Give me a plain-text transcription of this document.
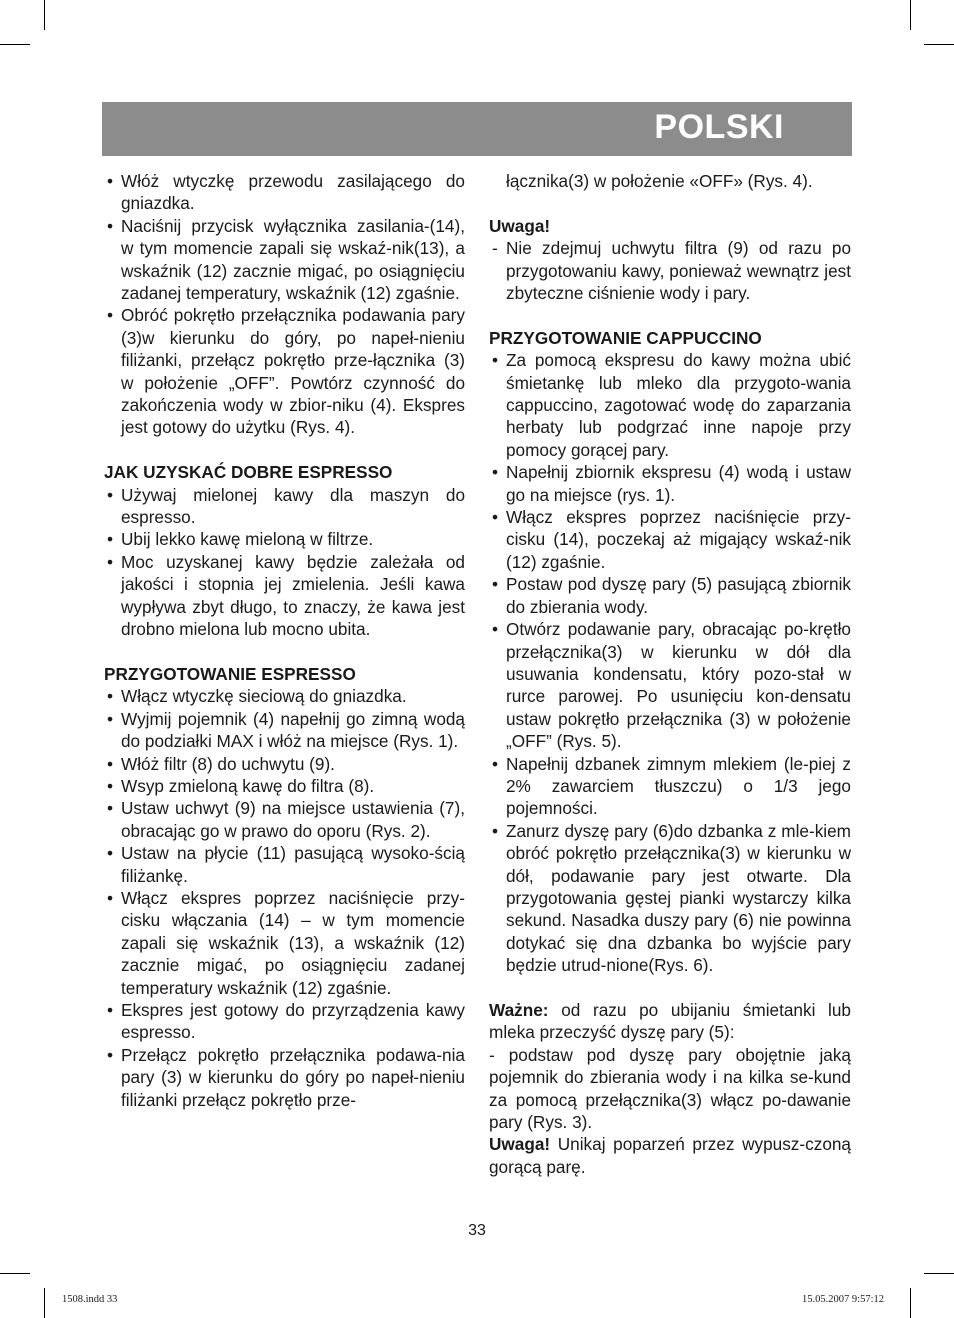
POLSKI
• Włóż wtyczkę przewodu zasilającego do gniazdka.
• Naciśnij przycisk wyłącznika zasilania-(14), w tym momencie zapali się wskaź-nik(13), a wskaźnik (12) zacznie migać, po osiągnięciu zadanej temperatury, wskaźnik (12) zgaśnie.
• Obróć pokrętło przełącznika podawania pary (3)w kierunku do góry, po napeł-nieniu filiżanki, przełącz pokrętło prze-łącznika (3) w położenie „OFF”. Powtórz czynność do zakończenia wody w zbior-niku (4). Ekspres jest gotowy do użytku (Rys. 4).
JAK UZYSKAĆ DOBRE ESPRESSO
• Używaj mielonej kawy dla maszyn do espresso.
• Ubij lekko kawę mieloną w filtrze.
• Moc uzyskanej kawy będzie zależała od jakości i stopnia jej zmielenia. Jeśli kawa wypływa zbyt długo, to znaczy, że kawa jest drobno mielona lub mocno ubita.
PRZYGOTOWANIE ESPRESSO
• Włącz wtyczkę sieciową do gniazdka.
• Wyjmij pojemnik (4) napełnij go zimną wodą do podziałki MAX i włóż na miejsce (Rys. 1).
• Włóż filtr (8) do uchwytu (9).
• Wsyp zmieloną kawę do filtra (8).
• Ustaw uchwyt (9) na miejsce ustawienia (7), obracając go w prawo do oporu (Rys. 2).
• Ustaw na płycie (11) pasującą wysoko-ścią filiżankę.
• Włącz ekspres poprzez naciśnięcie przy-cisku włączania (14) – w tym momencie zapali się wskaźnik (13), a wskaźnik (12) zacznie migać, po osiągnięciu zadanej temperatury wskaźnik (12) zgaśnie.
• Ekspres jest gotowy do przyrządzenia kawy espresso.
• Przełącz pokrętło przełącznika podawa-nia pary (3) w kierunku do góry po napeł-nieniu filiżanki przełącz pokrętło prze-
łącznika(3) w położenie «OFF» (Rys. 4).
Uwaga!
- Nie zdejmuj uchwytu filtra (9) od razu po przygotowaniu kawy, ponieważ wewnątrz jest zbyteczne ciśnienie wody i pary.
PRZYGOTOWANIE CAPPUCCINO
• Za pomocą ekspresu do kawy można ubić śmietankę lub mleko dla przygoto-wania cappuccino, zagotować wodę do zaparzania herbaty lub podgrzać inne napoje przy pomocy gorącej pary.
• Napełnij zbiornik ekspresu (4) wodą i ustaw go na miejsce (rys. 1).
• Włącz ekspres poprzez naciśnięcie przy-cisku (14), poczekaj aż migający wskaź-nik (12) zgaśnie.
• Postaw pod dyszę pary (5) pasującą zbiornik do zbierania wody.
• Otwórz podawanie pary, obracając po-krętło przełącznika(3) w kierunku w dół dla usuwania kondensatu, który pozo-stał w rurce parowej. Po usunięciu kon-densatu ustaw pokrętło przełącznika (3) w położenie „OFF” (Rys. 5).
• Napełnij dzbanek zimnym mlekiem (le-piej z 2% zawarciem tłuszczu) o 1/3 jego pojemności.
• Zanurz dyszę pary (6)do dzbanka z mle-kiem obróć pokrętło przełącznika(3) w kierunku w dół, podawanie pary jest otwarte. Dla przygotowania gęstej pianki wystarczy kilka sekund. Nasadka duszy pary (6) nie powinna dotykać się dna dzbanka bo wyjście pary będzie utrud-nione(Rys. 6).
Ważne: od razu po ubijaniu śmietanki lub mleka przeczyść dyszę pary (5):
- podstaw pod dyszę pary obojętnie jaką pojemnik do zbierania wody i na kilka se-kund za pomocą przełącznika(3) włącz po-dawanie pary (Rys. 3).
Uwaga! Unikaj poparzeń przez wypusz-czoną gorącą parę.
33
1508.indd 33	15.05.2007 9:57:12
